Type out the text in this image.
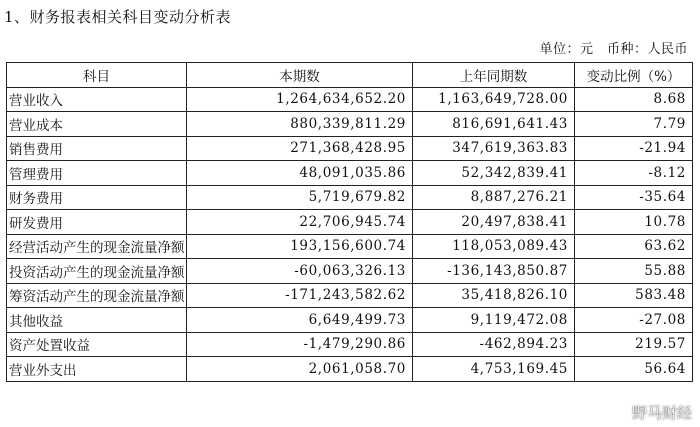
1、财务报表相关科目变动分析表
单位：元　币种：人民币
科目	本期数	上年同期数	变动比例（%）
营业收入	1,264,634,652.20	1,163,649,728.00	8.68
营业成本	880,339,811.29	816,691,641.43	7.79
销售费用	271,368,428.95	347,619,363.83	-21.94
管理费用	48,091,035.86	52,342,839.41	-8.12
财务费用	5,719,679.82	8,887,276.21	-35.64
研发费用	22,706,945.74	20,497,838.41	10.78
经营活动产生的现金流量净额	193,156,600.74	118,053,089.43	63.62
投资活动产生的现金流量净额	-60,063,326.13	-136,143,850.87	55.88
筹资活动产生的现金流量净额	-171,243,582.62	35,418,826.10	583.48
其他收益	6,649,499.73	9,119,472.08	-27.08
资产处置收益	-1,479,290.86	-462,894.23	219.57
营业外支出	2,061,058.70	4,753,169.45	56.64
野马财经
